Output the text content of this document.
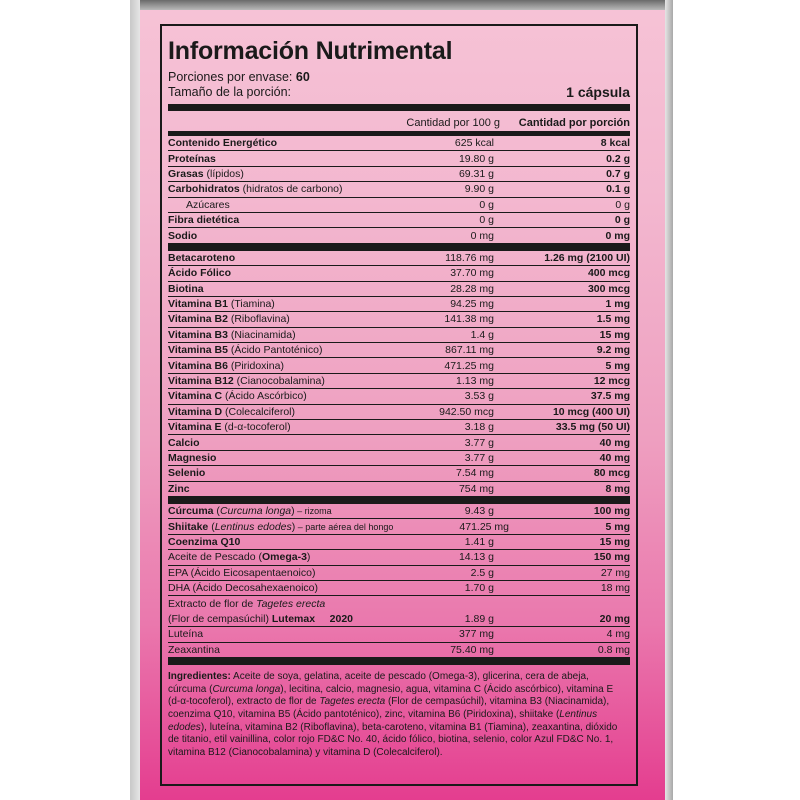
Información Nutrimental
Porciones por envase: 60
Tamaño de la porción:	1 cápsula
Cantidad por 100 g	Cantidad por porción
Contenido Energético	625 kcal	8 kcal
Proteínas	19.80 g	0.2 g
Grasas (lípidos)	69.31 g	0.7 g
Carbohidratos (hidratos de carbono)	9.90 g	0.1 g
Azúcares	0 g	0 g
Fibra dietética	0 g	0 g
Sodio	0 mg	0 mg
Betacaroteno	118.76 mg	1.26 mg (2100 UI)
Ácido Fólico	37.70 mg	400 mcg
Biotina	28.28 mg	300 mcg
Vitamina B1 (Tiamina)	94.25 mg	1 mg
Vitamina B2 (Riboflavina)	141.38 mg	1.5 mg
Vitamina B3 (Niacinamida)	1.4 g	15 mg
Vitamina B5 (Ácido Pantoténico)	867.11 mg	9.2 mg
Vitamina B6 (Piridoxina)	471.25 mg	5 mg
Vitamina B12 (Cianocobalamina)	1.13 mg	12 mcg
Vitamina C (Ácido Ascórbico)	3.53 g	37.5 mg
Vitamina D (Colecalciferol)	942.50 mcg	10 mcg (400 UI)
Vitamina E (d-α-tocoferol)	3.18 g	33.5 mg (50 UI)
Calcio	3.77 g	40 mg
Magnesio	3.77 g	40 mg
Selenio	7.54 mg	80 mcg
Zinc	754 mg	8 mg
Cúrcuma (Curcuma longa) – rizoma	9.43 g	100 mg
Shiitake (Lentinus edodes) – parte aérea del hongo	471.25 mg	5 mg
Coenzima Q10	1.41 g	15 mg
Aceite de Pescado (Omega-3)	14.13 g	150 mg
EPA (Ácido Eicosapentaenoico)	2.5 g	27 mg
DHA (Ácido Decosahexaenoico)	1.70 g	18 mg
Extracto de flor de Tagetes erecta
(Flor de cempasúchil) Lutemax 2020	1.89 g	20 mg
Luteína	377 mg	4 mg
Zeaxantina	75.40 mg	0.8 mg
Ingredientes: Aceite de soya, gelatina, aceite de pescado (Omega-3), glicerina, cera de abeja, cúrcuma (Curcuma longa), lecitina, calcio, magnesio, agua, vitamina C (Ácido ascórbico), vitamina E (d-α-tocoferol), extracto de flor de Tagetes erecta (Flor de cempasúchil), vitamina B3 (Niacinamida), coenzima Q10, vitamina B5 (Ácido pantoténico), zinc, vitamina B6 (Piridoxina), shiitake (Lentinus edodes), luteína, vitamina B2 (Riboflavina), beta-caroteno, vitamina B1 (Tiamina), zeaxantina, dióxido de titanio, etil vainillina, color rojo FD&C No. 40, ácido fólico, biotina, selenio, color Azul FD&C No. 1, vitamina B12 (Cianocobalamina) y vitamina D (Colecalciferol).
